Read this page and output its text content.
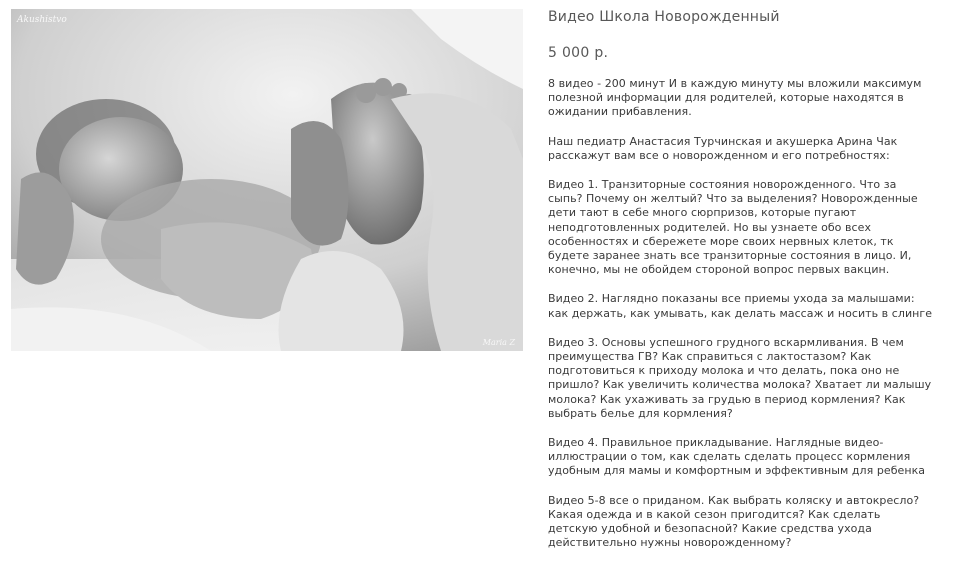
Akushistvo
Maria Z
Видео Школа Новорожденный
5 000 р.

8 видео - 200 минут И в каждую минуту мы вложили максимум
полезной информации для родителей, которые находятся в
ожидании прибавления.

Наш педиатр Анастасия Турчинская и акушерка Арина Чак
расскажут вам все о новорожденном и его потребностях:

Видео 1. Транзиторные состояния новорожденного. Что за
сыпь? Почему он желтый? Что за выделения? Новорожденные
дети тают в себе много сюрпризов, которые пугают
неподготовленных родителей. Но вы узнаете обо всех
особенностях и сбережете море своих нервных клеток, тк
будете заранее знать все транзиторные состояния в лицо. И,
конечно, мы не обойдем стороной вопрос первых вакцин.

Видео 2. Наглядно показаны все приемы ухода за малышами:
как держать, как умывать, как делать массаж и носить в слинге

Видео 3. Основы успешного грудного вскармливания. В чем
преимущества ГВ? Как справиться с лактостазом? Как
подготовиться к приходу молока и что делать, пока оно не
пришло? Как увеличить количества молока? Хватает ли малышу
молока? Как ухаживать за грудью в период кормления? Как
выбрать белье для кормления?

Видео 4. Правильное прикладывание. Наглядные видео-
иллюстрации о том, как сделать сделать процесс кормления
удобным для мамы и комфортным и эффективным для ребенка

Видео 5-8 все о приданом. Как выбрать коляску и автокресло?
Какая одежда и в какой сезон пригодится? Как сделать
детскую удобной и безопасной? Какие средства ухода
действительно нужны новорожденному?
